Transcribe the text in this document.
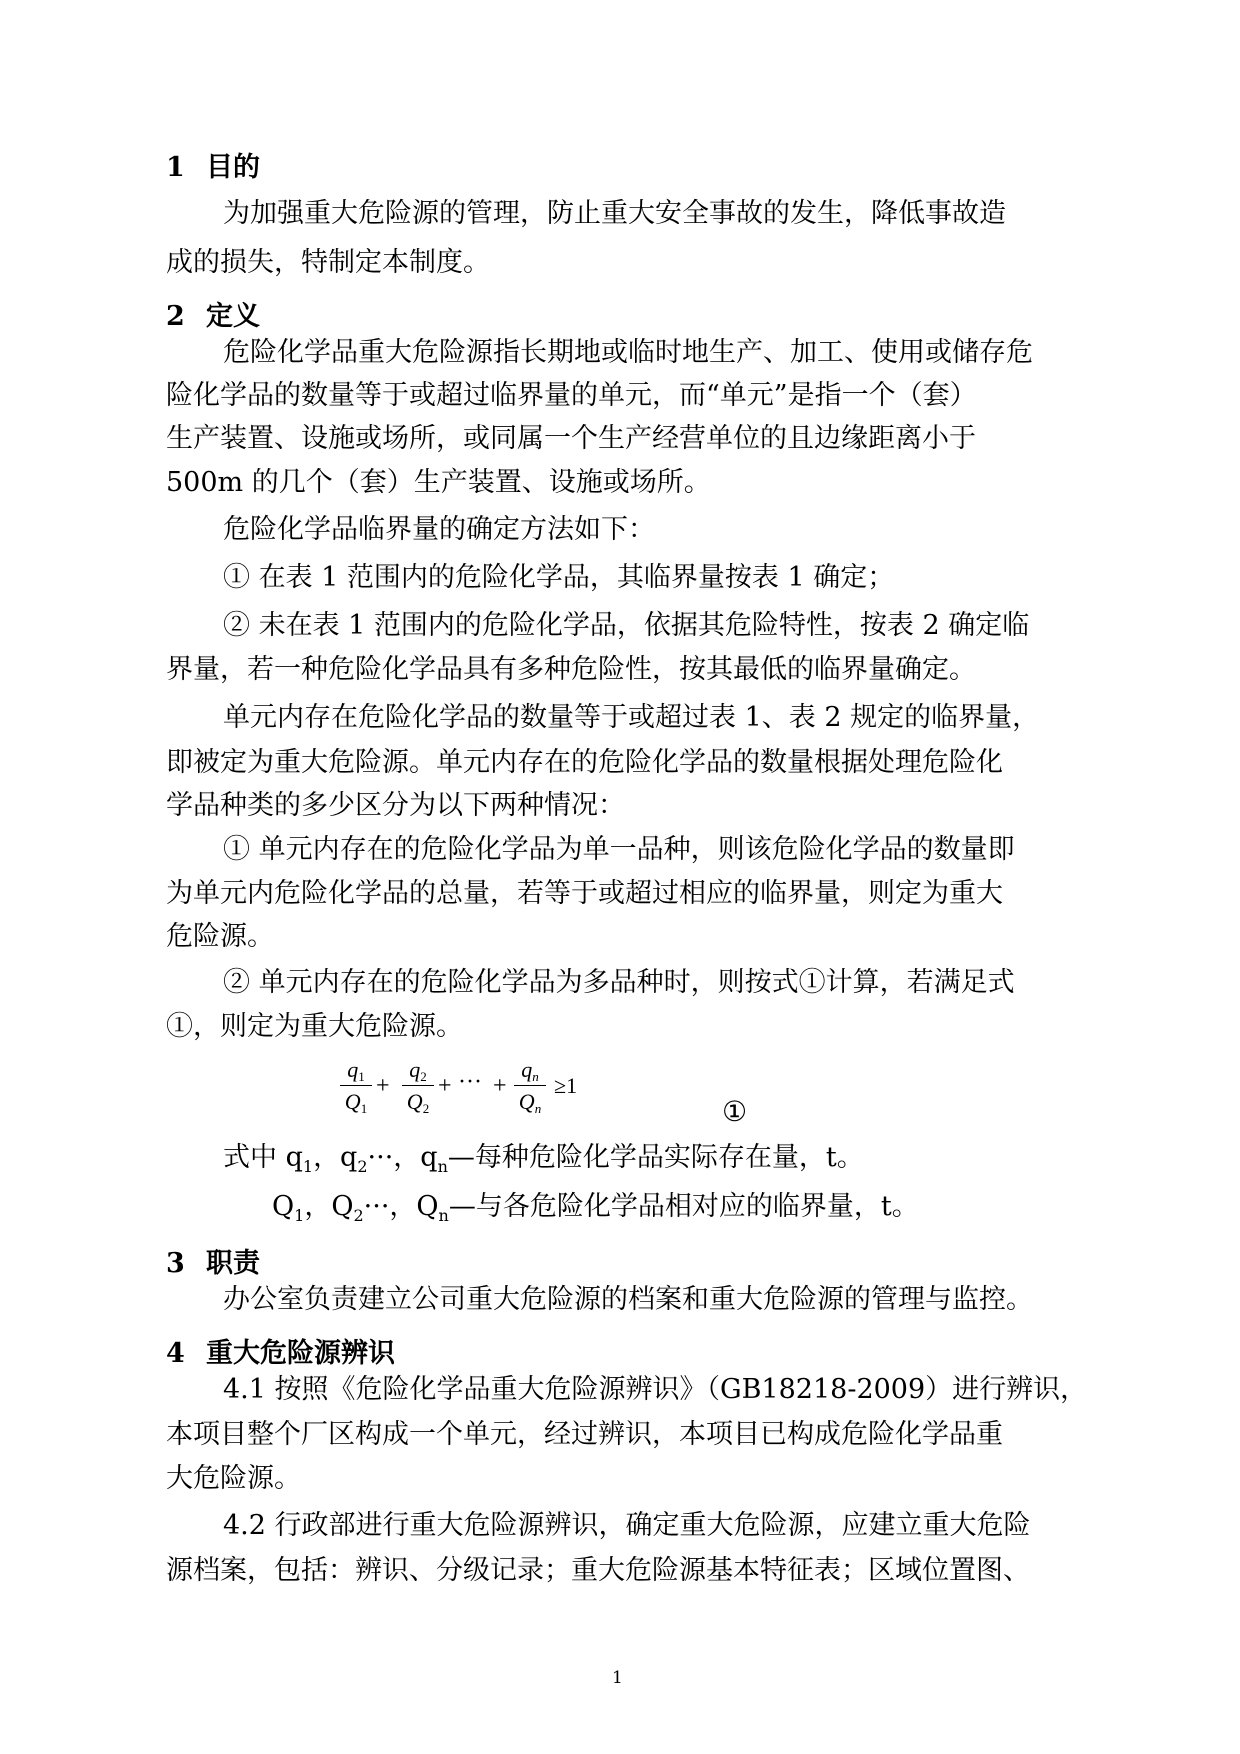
1 目的
为加强重大危险源的管理，防止重大安全事故的发生，降低事故造
成的损失，特制定本制度。
2 定义
危险化学品重大危险源指长期地或临时地生产、加工、使用或储存危
险化学品的数量等于或超过临界量的单元，而“单元”是指一个（套）
生产装置、设施或场所，或同属一个生产经营单位的且边缘距离小于
500m 的几个（套）生产装置、设施或场所。
危险化学品临界量的确定方法如下：
① 在表 1 范围内的危险化学品，其临界量按表 1 确定；
② 未在表 1 范围内的危险化学品，依据其危险特性，按表 2 确定临
界量，若一种危险化学品具有多种危险性，按其最低的临界量确定。
单元内存在危险化学品的数量等于或超过表 1、表 2 规定的临界量，
即被定为重大危险源。单元内存在的危险化学品的数量根据处理危险化
学品种类的多少区分为以下两种情况：
① 单元内存在的危险化学品为单一品种，则该危险化学品的数量即
为单元内危险化学品的总量，若等于或超过相应的临界量，则定为重大
危险源。
② 单元内存在的危险化学品为多品种时，则按式①计算，若满足式
①，则定为重大危险源。
q1
Q1
+
q2
Q2
+ ··· +
qn
Qn
≥1
①
式中 $q_1$，$q_2\cdot\cdot\cdot$，$q_n—$每种危险化学品实际存在量，t。
$Q_1$，$Q_2\cdot\cdot\cdot$，$Q_n—$与各危险化学品相对应的临界量，t。
3 职责
办公室负责建立公司重大危险源的档案和重大危险源的管理与监控。
4 重大危险源辨识
4.1 按照《危险化学品重大危险源辨识》（GB18218-2009）进行辨识，
本项目整个厂区构成一个单元，经过辨识，本项目已构成危险化学品重
大危险源。
4.2 行政部进行重大危险源辨识，确定重大危险源，应建立重大危险
源档案，包括：辨识、分级记录；重大危险源基本特征表；区域位置图、
1
